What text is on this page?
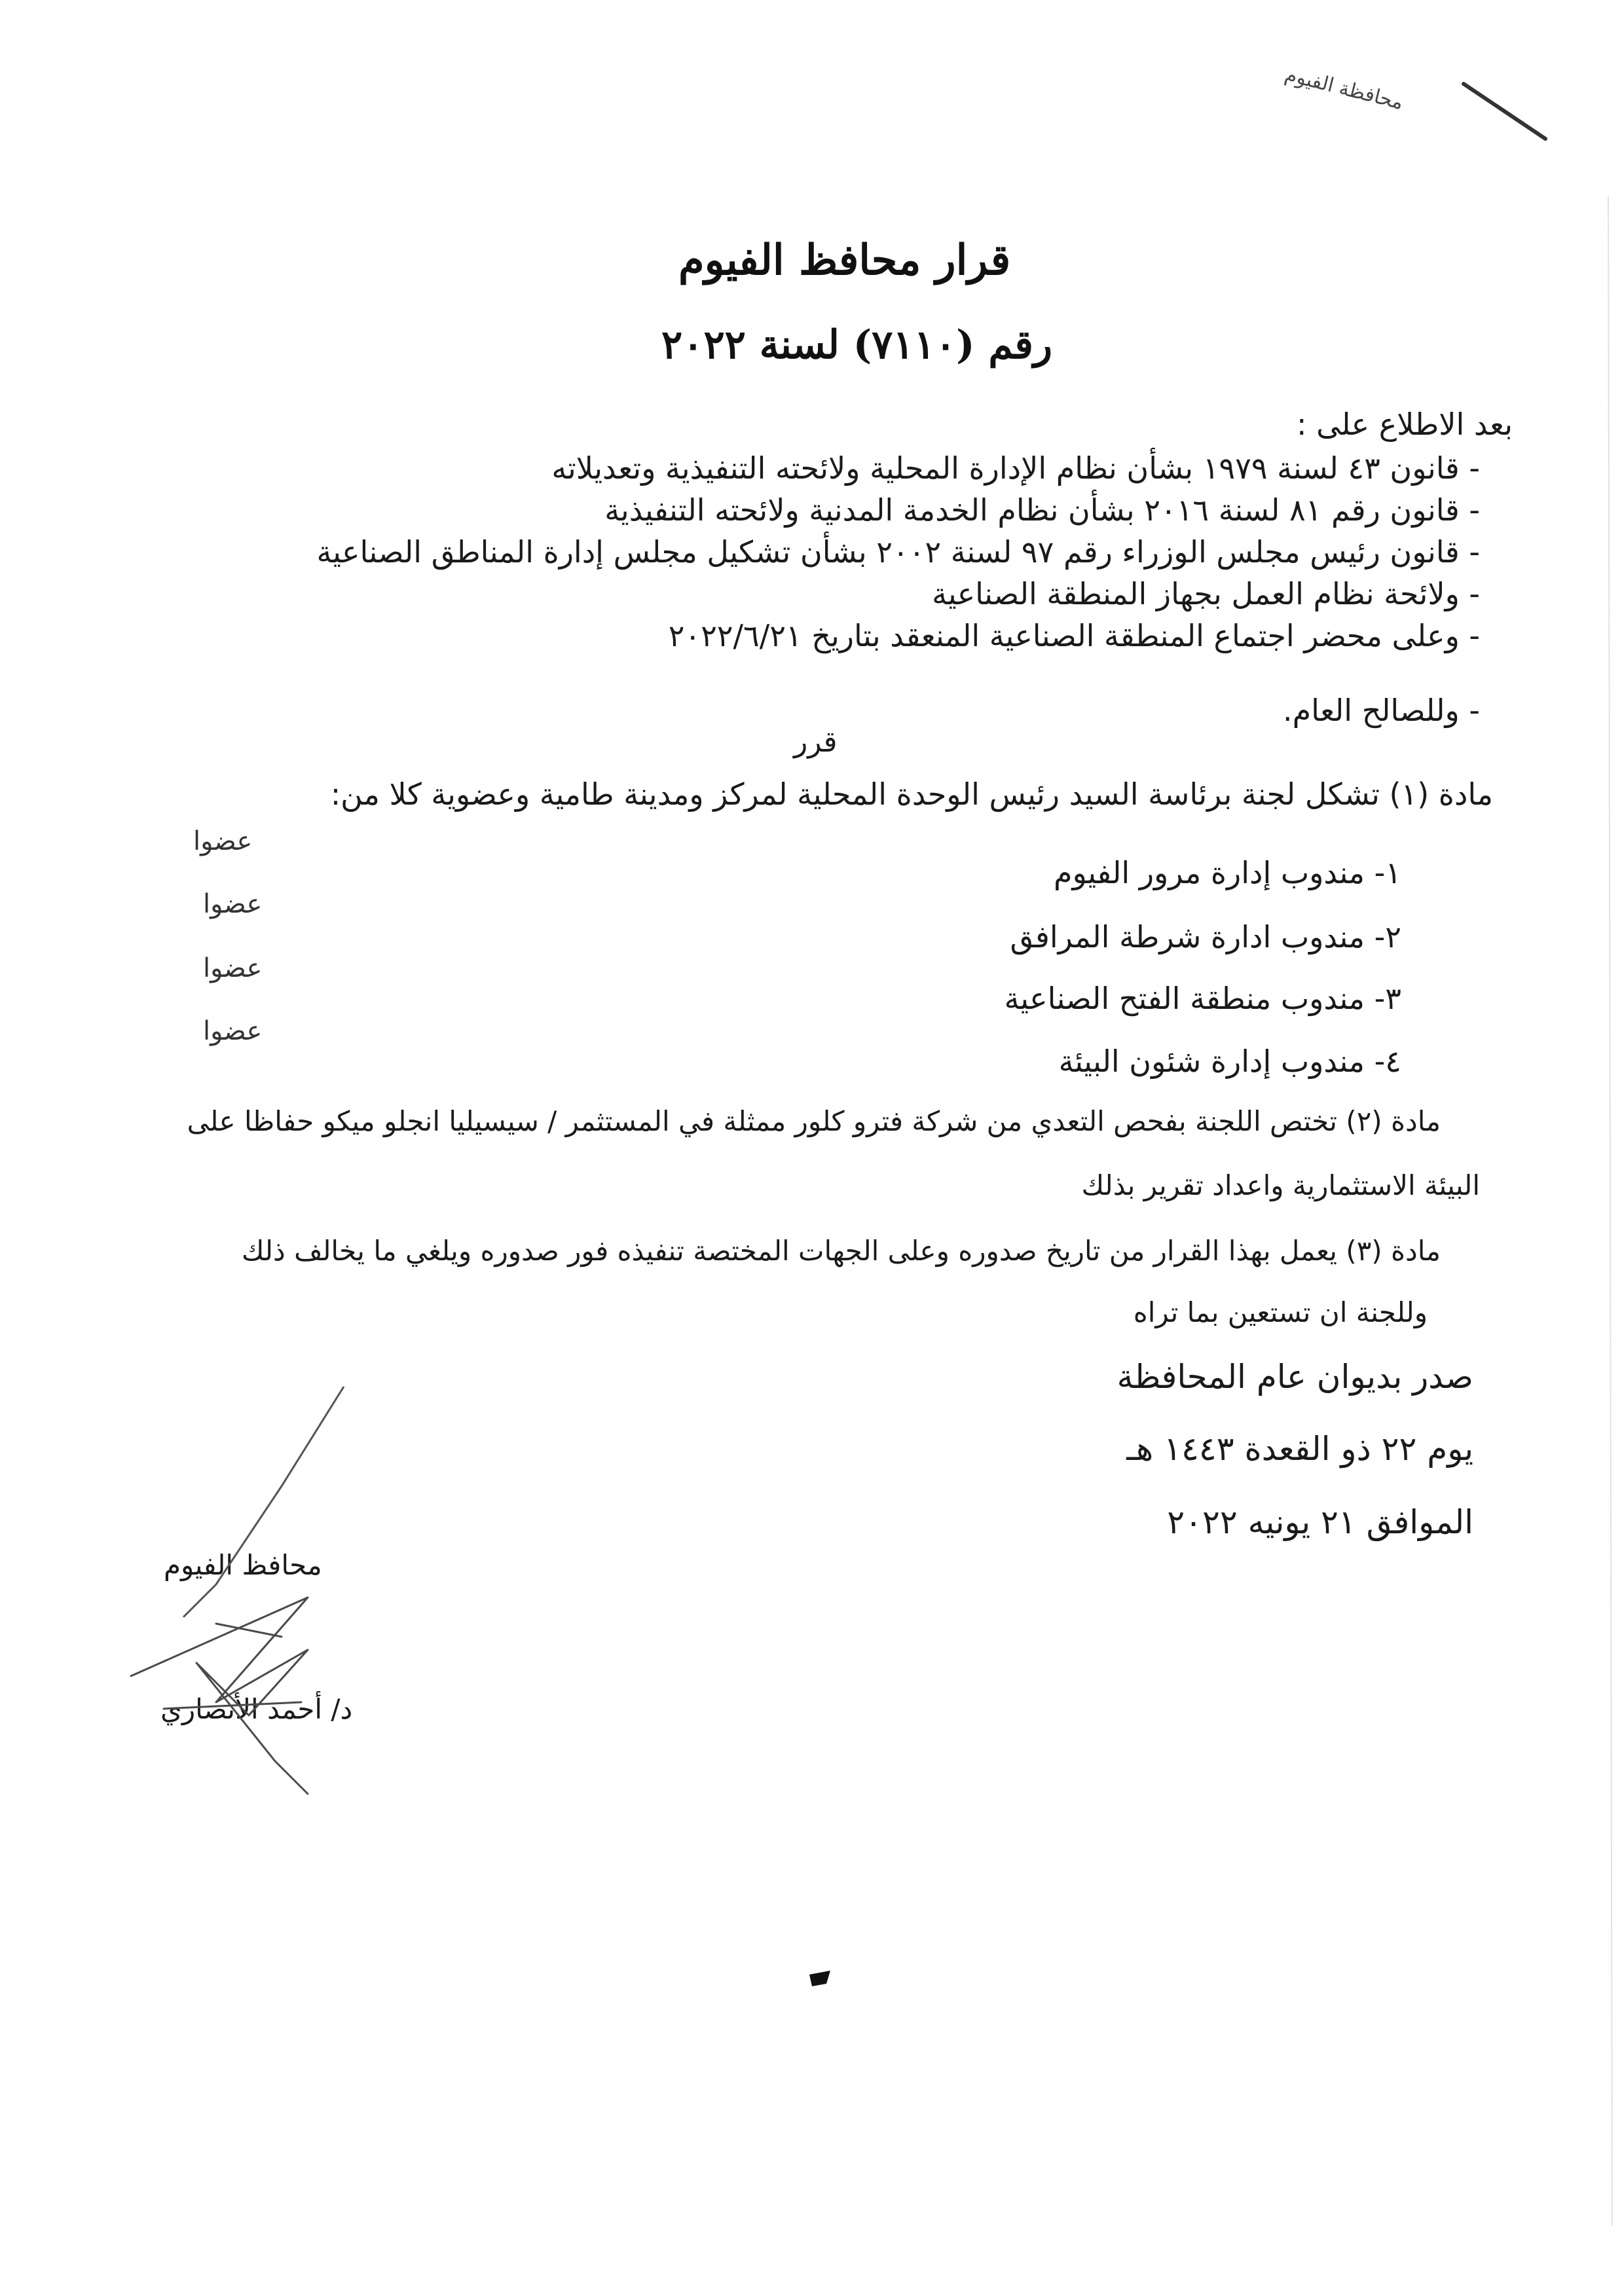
محافظة الفيوم
قرار محافظ الفيوم
رقم (٧١١٠) لسنة ٢٠٢٢
بعد الاطلاع على :
- قانون ٤٣ لسنة ١٩٧٩ بشأن نظام الإدارة المحلية ولائحته التنفيذية وتعديلاته
- قانون رقم ٨١ لسنة ٢٠١٦ بشأن نظام الخدمة المدنية ولائحته التنفيذية
- قانون رئيس مجلس الوزراء رقم ٩٧ لسنة ٢٠٠٢ بشأن تشكيل مجلس إدارة المناطق الصناعية
- ولائحة نظام العمل بجهاز المنطقة الصناعية
- وعلى محضر اجتماع المنطقة الصناعية المنعقد بتاريخ ٢٠٢٢/٦/٢١
- وللصالح العام.
قرر
مادة (١) تشكل لجنة برئاسة السيد رئيس الوحدة المحلية لمركز ومدينة طامية وعضوية كلا من:
١- مندوب إدارة مرور الفيوم
عضوا
٢- مندوب ادارة شرطة المرافق
عضوا
٣- مندوب منطقة الفتح الصناعية
عضوا
٤- مندوب إدارة شئون البيئة
عضوا
مادة (٢) تختص اللجنة بفحص التعدي من شركة فترو كلور ممثلة في المستثمر / سيسيليا انجلو ميكو حفاظا على
البيئة الاستثمارية واعداد تقرير بذلك
مادة (٣) يعمل بهذا القرار من تاريخ صدوره وعلى الجهات المختصة تنفيذه فور صدوره ويلغي ما يخالف ذلك
وللجنة ان تستعين بما تراه
صدر بديوان عام المحافظة
يوم ٢٢ ذو القعدة ١٤٤٣ هـ
الموافق ٢١ يونيه ٢٠٢٢
محافظ الفيوم
د/ أحمد الأنصاري
